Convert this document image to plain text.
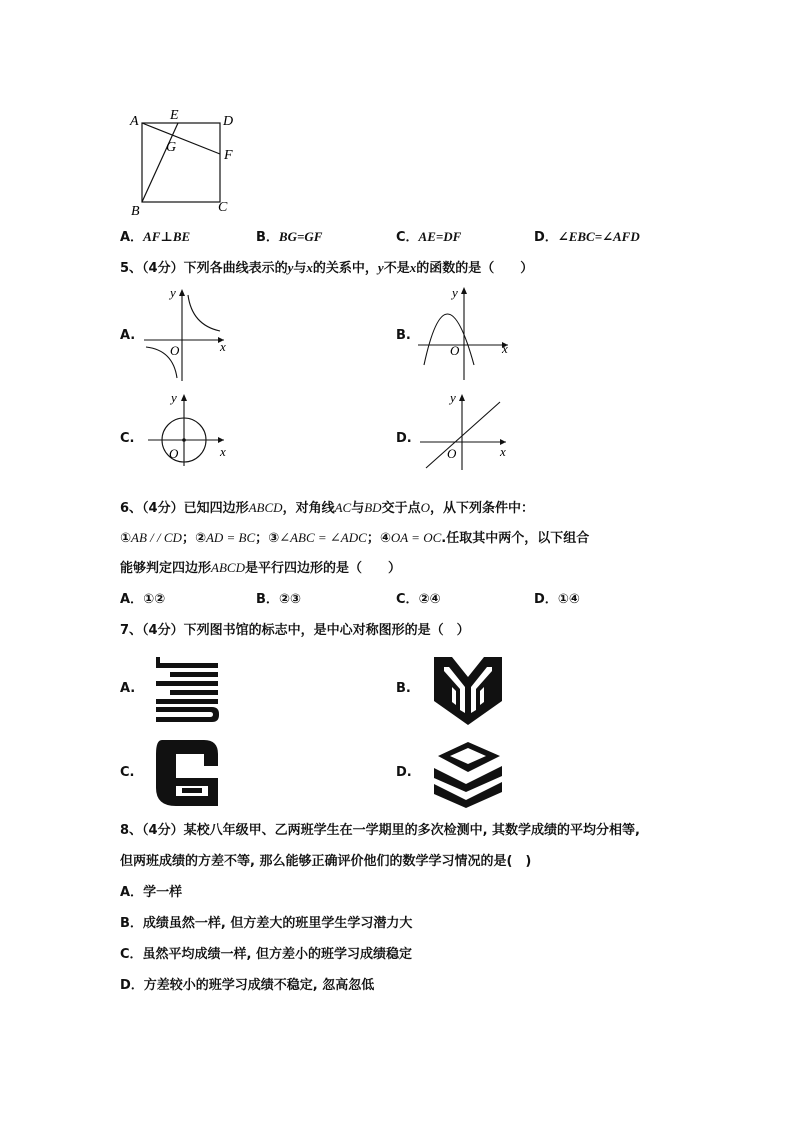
A E	D
G
F
B	C
A．AF⊥BE	B．BG=GF	C．AE=DF	D．∠EBC=∠AFD
5、（4分）下列各曲线表示的y与x的关系中，y不是x的函数的是（　　）
A.
y
x
O
B.
y
x
O
C.
y
x
O
D.
y
x
O
6、（4分）已知四边形ABCD，对角线AC与BD交于点O，从下列条件中：
①AB / / CD；②AD = BC；③∠ABC = ∠ADC；④OA = OC.任取其中两个，以下组合
能够判定四边形ABCD是平行四边形的是（　　）
A．①②	B．②③	C．②④	D．①④
7、（4分）下列图书馆的标志中，是中心对称图形的是（　）
A.	B.
C.	D.
8、（4分）某校八年级甲、乙两班学生在一学期里的多次检测中, 其数学成绩的平均分相等,
但两班成绩的方差不等, 那么能够正确评价他们的数学学习情况的是(　)
A．学一样
B．成绩虽然一样, 但方差大的班里学生学习潜力大
C．虽然平均成绩一样, 但方差小的班学习成绩稳定
D．方差较小的班学习成绩不稳定, 忽高忽低
